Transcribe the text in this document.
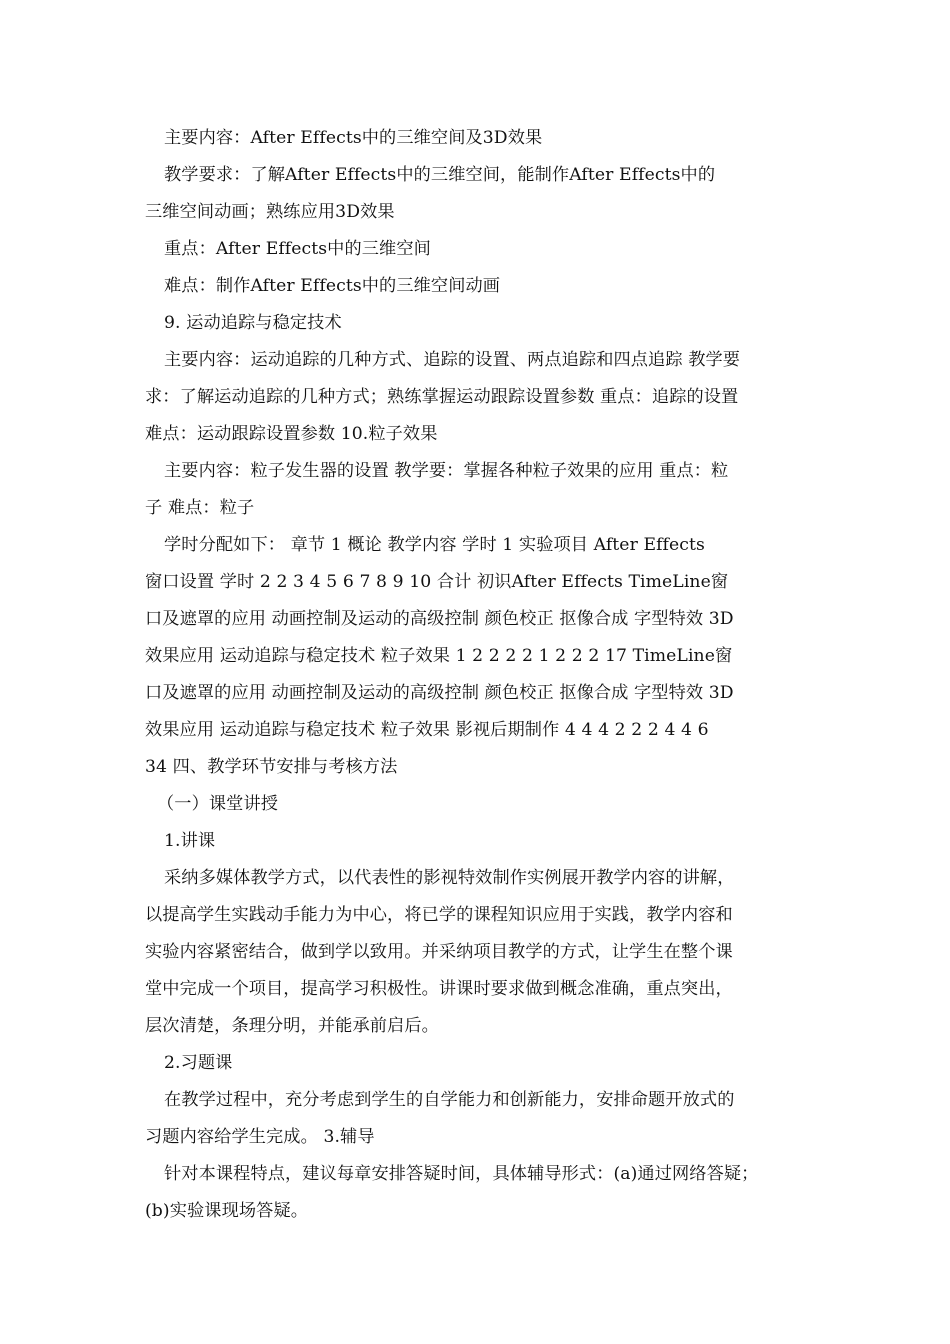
主要内容：After Effects中的三维空间及3D效果
教学要求：了解After Effects中的三维空间，能制作After Effects中的
三维空间动画；熟练应用3D效果
重点：After Effects中的三维空间
难点：制作After Effects中的三维空间动画
9. 运动追踪与稳定技术
主要内容：运动追踪的几种方式、追踪的设置、两点追踪和四点追踪 教学要
求：了解运动追踪的几种方式；熟练掌握运动跟踪设置参数 重点：追踪的设置
难点：运动跟踪设置参数 10.粒子效果
主要内容：粒子发生器的设置 教学要：掌握各种粒子效果的应用 重点：粒
子 难点：粒子
学时分配如下： 章节 1 概论 教学内容 学时 1 实验项目 After Effects
窗口设置 学时 2 2 3 4 5 6 7 8 9 10 合计 初识After Effects TimeLine窗
口及遮罩的应用 动画控制及运动的高级控制 颜色校正 抠像合成 字型特效 3D
效果应用 运动追踪与稳定技术 粒子效果 1 2 2 2 2 1 2 2 2 17 TimeLine窗
口及遮罩的应用 动画控制及运动的高级控制 颜色校正 抠像合成 字型特效 3D
效果应用 运动追踪与稳定技术 粒子效果 影视后期制作 4 4 4 2 2 2 4 4 6
34 四、教学环节安排与考核方法
（一）课堂讲授
1.讲课
采纳多媒体教学方式，以代表性的影视特效制作实例展开教学内容的讲解，
以提高学生实践动手能力为中心，将已学的课程知识应用于实践，教学内容和
实验内容紧密结合，做到学以致用。并采纳项目教学的方式，让学生在整个课
堂中完成一个项目，提高学习积极性。讲课时要求做到概念准确，重点突出，
层次清楚，条理分明，并能承前启后。
2.习题课
在教学过程中，充分考虑到学生的自学能力和创新能力，安排命题开放式的
习题内容给学生完成。 3.辅导
针对本课程特点，建议每章安排答疑时间，具体辅导形式：(a)通过网络答疑；
(b)实验课现场答疑。
